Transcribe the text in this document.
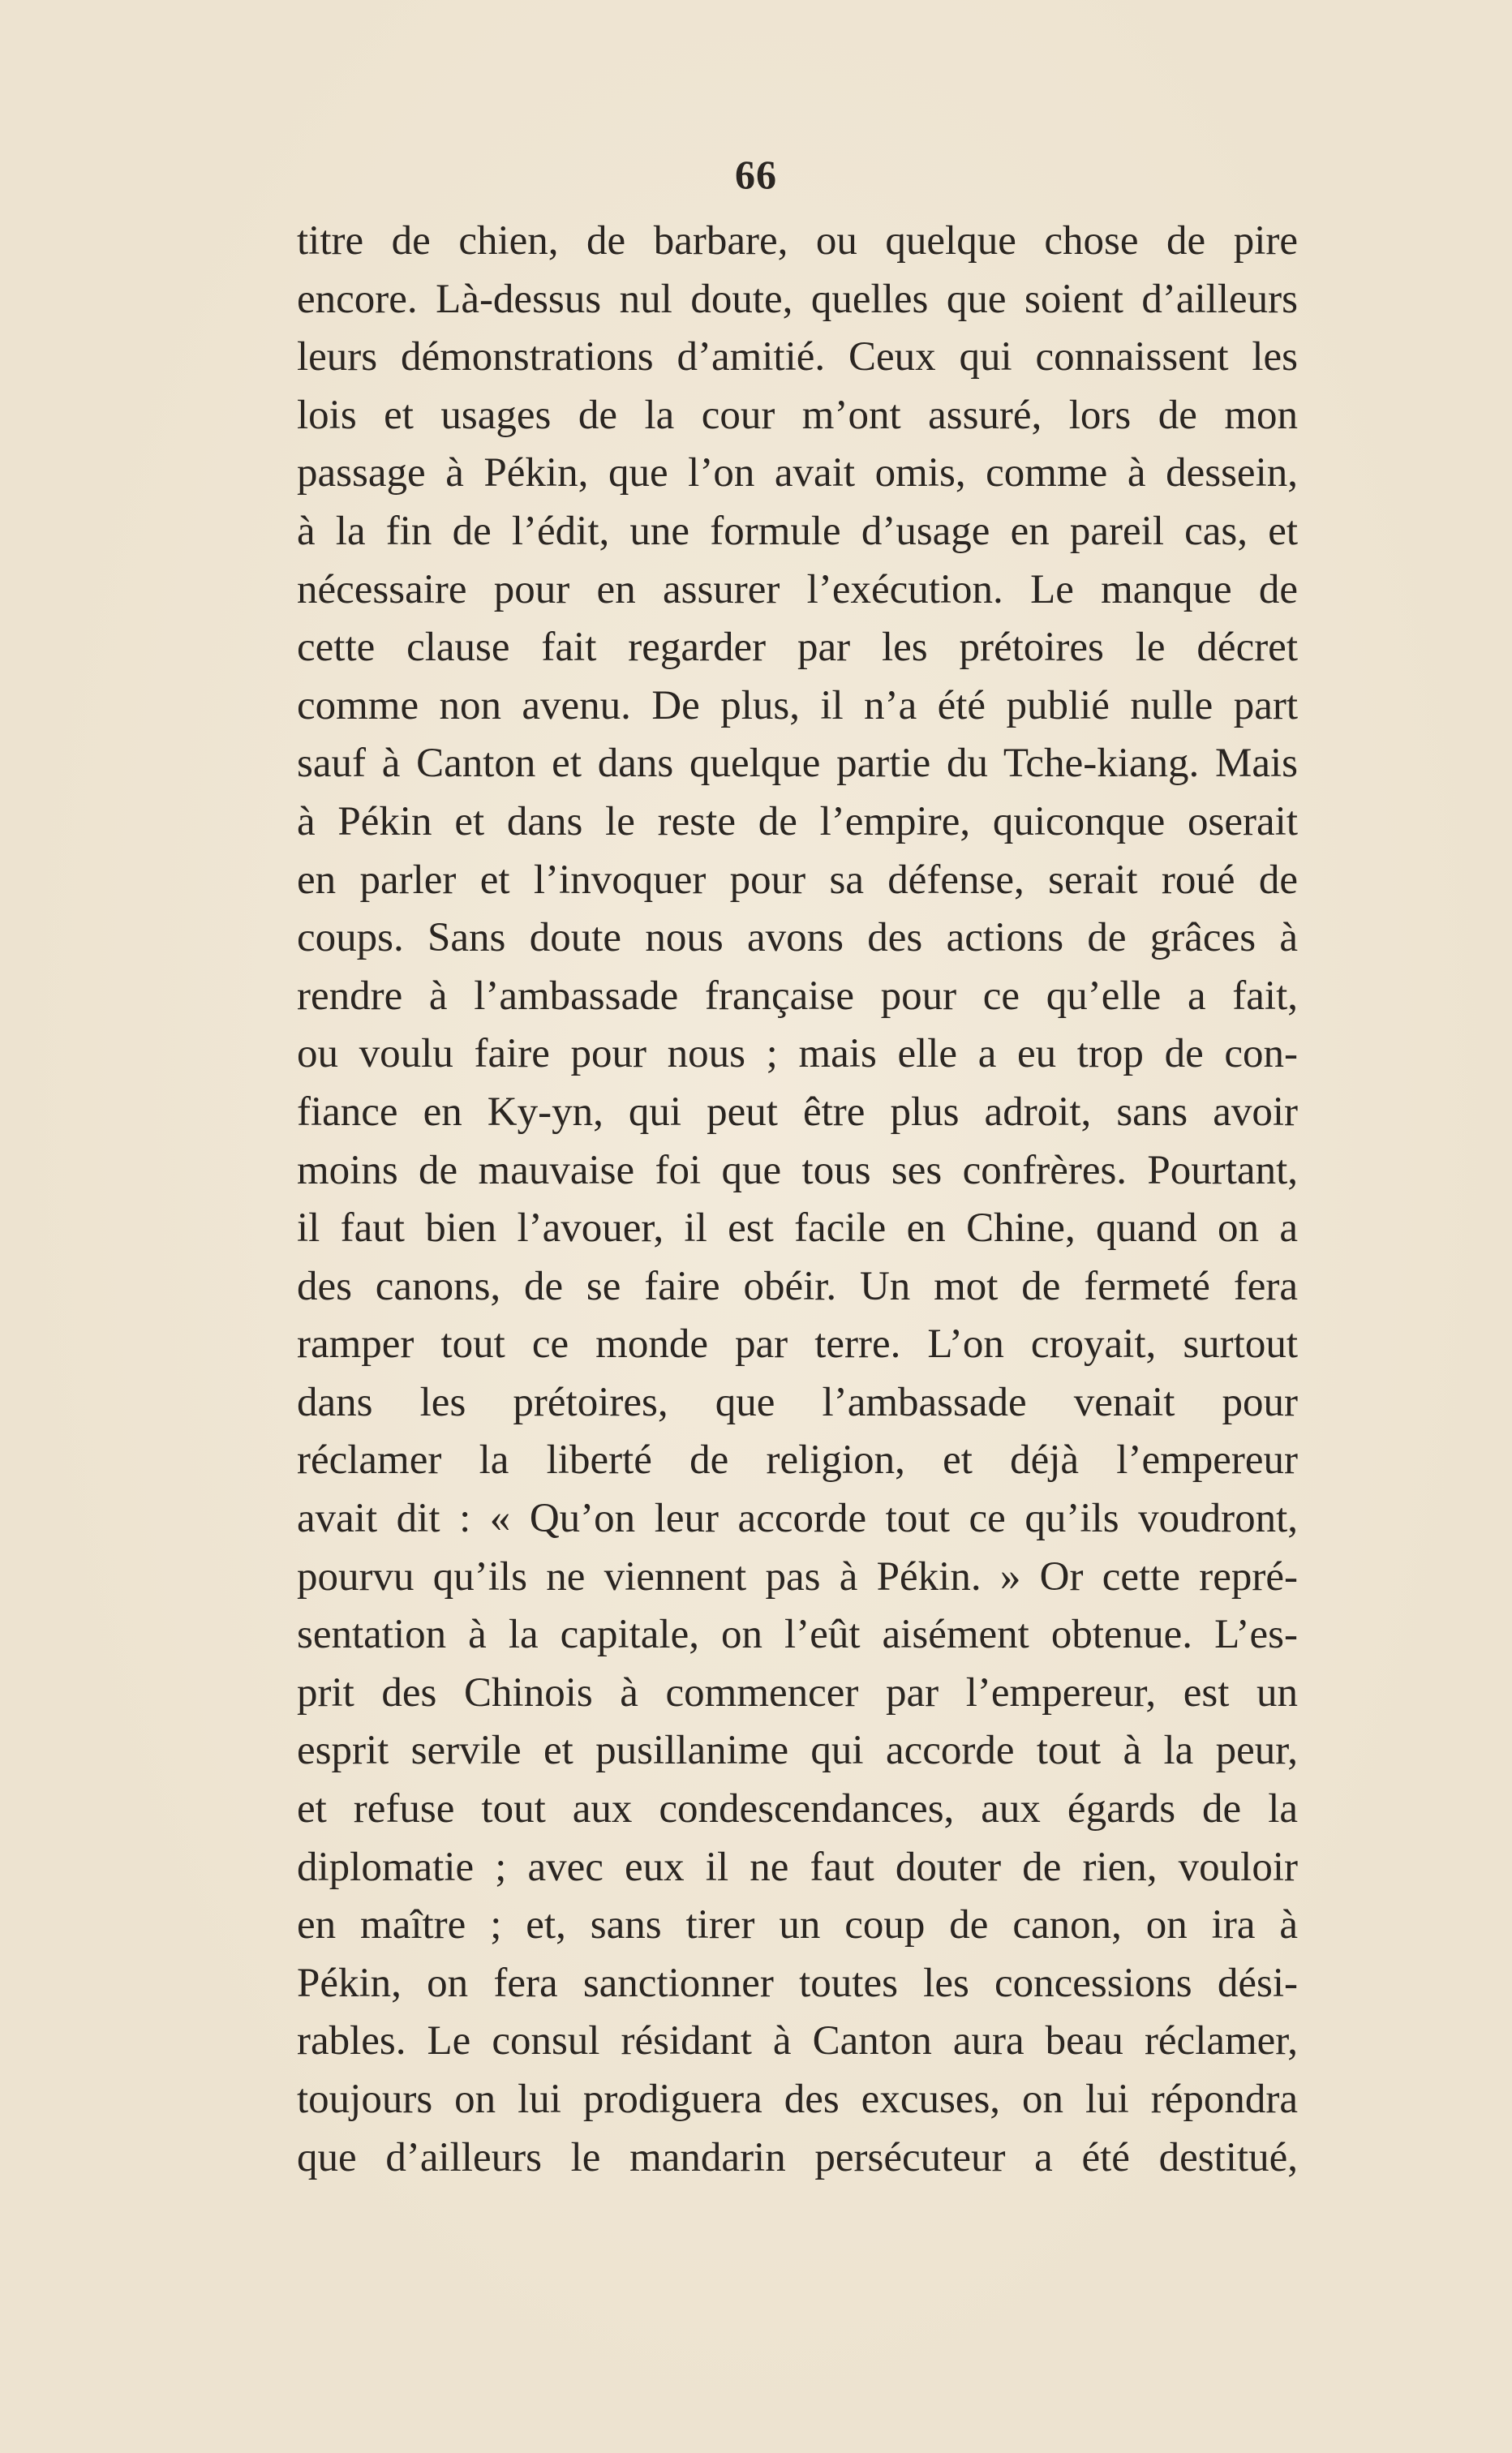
66
titre de chien, de barbare, ou quelque chose de pire
encore. Là-dessus nul doute, quelles que soient d’ailleurs
leurs démonstrations d’amitié. Ceux qui connaissent les
lois et usages de la cour m’ont assuré, lors de mon
passage à Pékin, que l’on avait omis, comme à dessein,
à la fin de l’édit, une formule d’usage en pareil cas, et
nécessaire pour en assurer l’exécution. Le manque de
cette clause fait regarder par les prétoires le décret
comme non avenu. De plus, il n’a été publié nulle part
sauf à Canton et dans quelque partie du Tche-kiang. Mais
à Pékin et dans le reste de l’empire, quiconque oserait
en parler et l’invoquer pour sa défense, serait roué de
coups. Sans doute nous avons des actions de grâces à
rendre à l’ambassade française pour ce qu’elle a fait,
ou voulu faire pour nous ; mais elle a eu trop de con-
fiance en Ky-yn, qui peut être plus adroit, sans avoir
moins de mauvaise foi que tous ses confrères. Pourtant,
il faut bien l’avouer, il est facile en Chine, quand on a
des canons, de se faire obéir. Un mot de fermeté fera
ramper tout ce monde par terre. L’on croyait, surtout
dans les prétoires, que l’ambassade venait pour
réclamer la liberté de religion, et déjà l’empereur
avait dit : « Qu’on leur accorde tout ce qu’ils voudront,
pourvu qu’ils ne viennent pas à Pékin. » Or cette repré-
sentation à la capitale, on l’eût aisément obtenue. L’es-
prit des Chinois à commencer par l’empereur, est un
esprit servile et pusillanime qui accorde tout à la peur,
et refuse tout aux condescendances, aux égards de la
diplomatie ; avec eux il ne faut douter de rien, vouloir
en maître ; et, sans tirer un coup de canon, on ira à
Pékin, on fera sanctionner toutes les concessions dési-
rables. Le consul résidant à Canton aura beau réclamer,
toujours on lui prodiguera des excuses, on lui répondra
que d’ailleurs le mandarin persécuteur a été destitué,
